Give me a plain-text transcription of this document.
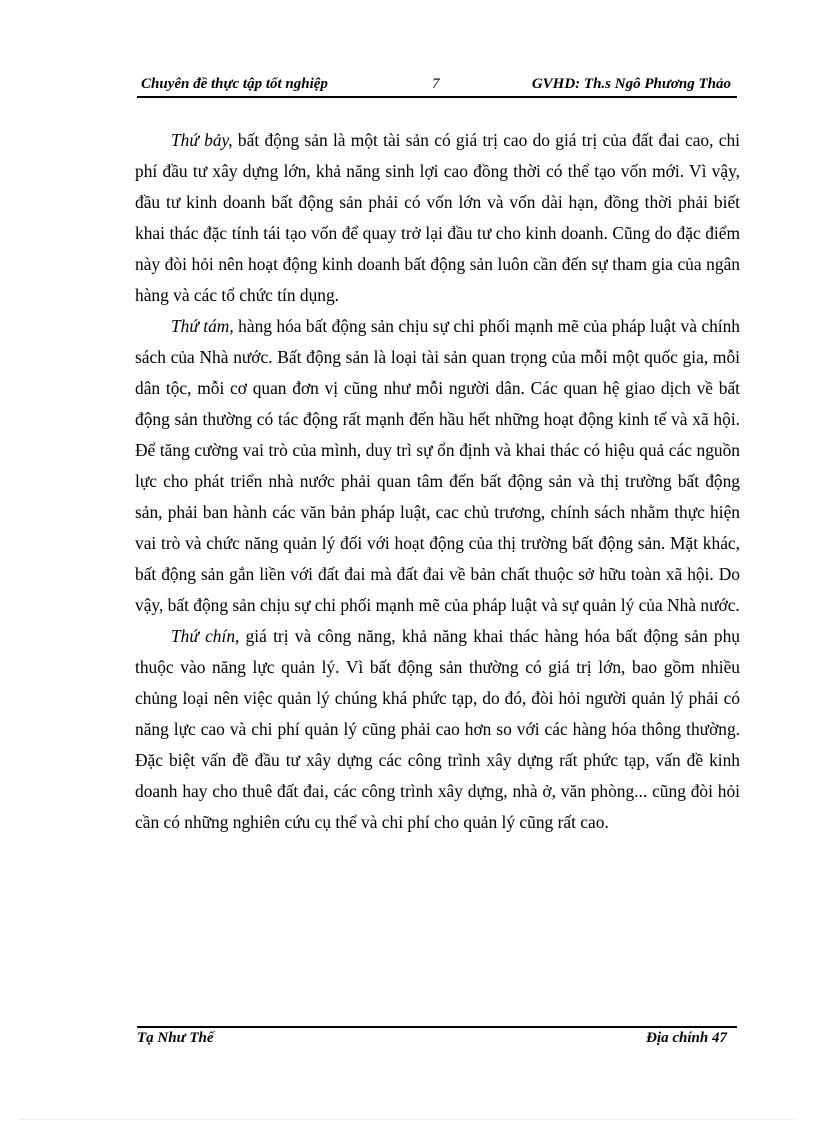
Chuyên đề thực tập tốt nghiệp	7	GVHD: Th.s Ngô Phương Thảo

Thứ bảy, bất động sản là một tài sản có giá trị cao do giá trị của đất đai cao, chi phí đầu tư xây dựng lớn, khả năng sinh lợi cao đồng thời có thể tạo vốn mới. Vì vậy, đầu tư kinh doanh bất động sản phải có vốn lớn và vốn dài hạn, đồng thời phải biết khai thác đặc tính tái tạo vốn để quay trở lại đầu tư cho kinh doanh. Cũng do đặc điểm này đòi hỏi nên hoạt động kinh doanh bất động sản luôn cần đến sự tham gia của ngân hàng và các tổ chức tín dụng.

Thứ tám, hàng hóa bất động sản chịu sự chi phối mạnh mẽ của pháp luật và chính sách của Nhà nước. Bất động sản là loại tài sản quan trọng của mỗi một quốc gia, mỗi dân tộc, mỗi cơ quan đơn vị cũng như mỗi người dân. Các quan hệ giao dịch về bất động sản thường có tác động rất mạnh đến hầu hết những hoạt động kinh tế và xã hội. Để tăng cường vai trò của mình, duy trì sự ổn định và khai thác có hiệu quả các nguồn lực cho phát triển nhà nước phải quan tâm đến bất động sản và thị trường bất động sản, phải ban hành các văn bản pháp luật, cac chủ trương, chính sách nhằm thực hiện vai trò và chức năng quản lý đối với hoạt động của thị trường bất động sản. Mặt khác, bất động sản gắn liền với đất đai mà đất đai về bản chất thuộc sở hữu toàn xã hội. Do vậy, bất động sản chịu sự chi phối mạnh mẽ của pháp luật và sự quản lý của Nhà nước.

Thứ chín, giá trị và công năng, khả năng khai thác hàng hóa bất động sản phụ thuộc vào năng lực quản lý. Vì bất động sản thường có giá trị lớn, bao gồm nhiều chủng loại nên việc quản lý chúng khá phức tạp, do đó, đòi hỏi người quản lý phải có năng lực cao và chi phí quản lý cũng phải cao hơn so với các hàng hóa thông thường. Đặc biệt vấn đề đầu tư xây dựng các công trình xây dựng rất phức tạp, vấn đề kinh doanh hay cho thuê đất đai, các công trình xây dựng, nhà ở, văn phòng... cũng đòi hỏi cần có những nghiên cứu cụ thể và chi phí cho quản lý cũng rất cao.

Tạ Như Thế	Địa chính 47
